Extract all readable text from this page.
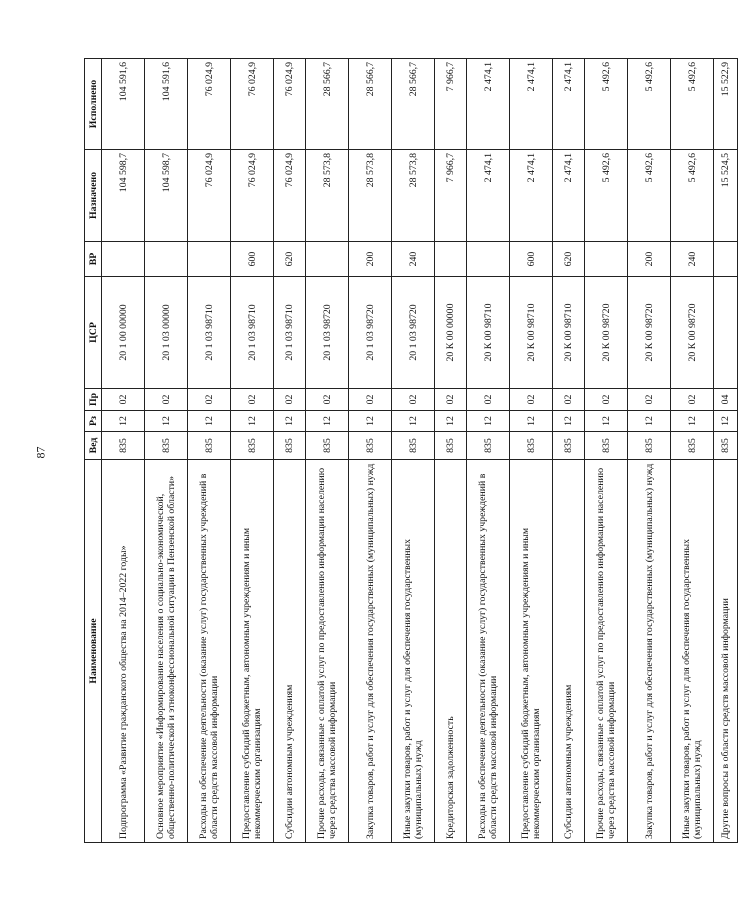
87
Наименование	Вед	Рз	Пр	ЦСР	ВР	Назначено	Исполнено
Подпрограмма «Развитие гражданского общества на 2014–2022 годы»	835	12	02	20 1 00 00000		104 598,7	104 591,6
Основное мероприятие «Информирование населения о социально-экономической, общественно-политической и этноконфессиональной ситуации в Пензенской области»	835	12	02	20 1 03 00000		104 598,7	104 591,6
Расходы на обеспечение деятельности (оказание услуг) государственных учреждений в области средств массовой информации	835	12	02	20 1 03 98710		76 024,9	76 024,9
Предоставление субсидий бюджетным, автономным учреждениям и иным некоммерческим организациям	835	12	02	20 1 03 98710	600	76 024,9	76 024,9
Субсидии автономным учреждениям	835	12	02	20 1 03 98710	620	76 024,9	76 024,9
Прочие расходы, связанные с оплатой услуг по предоставлению информации населению через средства массовой информации	835	12	02	20 1 03 98720		28 573,8	28 566,7
Закупка товаров, работ и услуг для обеспечения государственных (муниципальных) нужд	835	12	02	20 1 03 98720	200	28 573,8	28 566,7
Иные закупки товаров, работ и услуг для обеспечения государственных (муниципальных) нужд	835	12	02	20 1 03 98720	240	28 573,8	28 566,7
Кредиторская задолженность	835	12	02	20 К 00 00000		7 966,7	7 966,7
Расходы на обеспечение деятельности (оказание услуг) государственных учреждений в области средств массовой информации	835	12	02	20 К 00 98710		2 474,1	2 474,1
Предоставление субсидий бюджетным, автономным учреждениям и иным некоммерческим организациям	835	12	02	20 К 00 98710	600	2 474,1	2 474,1
Субсидии автономным учреждениям	835	12	02	20 К 00 98710	620	2 474,1	2 474,1
Прочие расходы, связанные с оплатой услуг по предоставлению информации населению через средства массовой информации	835	12	02	20 К 00 98720		5 492,6	5 492,6
Закупка товаров, работ и услуг для обеспечения государственных (муниципальных) нужд	835	12	02	20 К 00 98720	200	5 492,6	5 492,6
Иные закупки товаров, работ и услуг для обеспечения государственных (муниципальных) нужд	835	12	02	20 К 00 98720	240	5 492,6	5 492,6
Другие вопросы в области средств массовой информации	835	12	04			15 524,5	15 522,9
